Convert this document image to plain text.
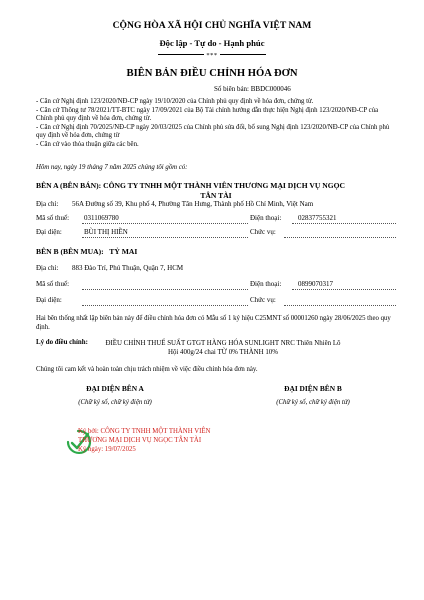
CỘNG HÒA XÃ HỘI CHỦ NGHĨA VIỆT NAM
Độc lập - Tự do - Hạnh phúc
***
BIÊN BẢN ĐIỀU CHỈNH HÓA ĐƠN
Số biên bản: BBDC000046
- Căn cứ Nghị định 123/2020/NĐ-CP ngày 19/10/2020 của Chính phủ quy định về hóa đơn, chứng từ.
- Căn cứ Thông tư 78/2021/TT-BTC ngày 17/09/2021 của Bộ Tài chính hướng dẫn thực hiện Nghị định 123/2020/NĐ-CP của Chính phủ quy định về hóa đơn, chứng từ.
- Căn cứ Nghị định 70/2025/NĐ-CP ngày 20/03/2025 của Chính phủ sửa đổi, bổ sung Nghị định 123/2020/NĐ-CP của Chính phủ quy định về hóa đơn, chứng từ
- Căn cứ vào thỏa thuận giữa các bên.
Hôm nay, ngày 19 tháng 7 năm 2025 chúng tôi gồm có:
BÊN A (BÊN BÁN): CÔNG TY TNHH MỘT THÀNH VIÊN THƯƠNG MẠI DỊCH VỤ NGỌC
TÂN TÀI
Địa chỉ: 56A Đường số 39, Khu phố 4, Phường Tân Hưng, Thành phố Hồ Chí Minh, Việt Nam
Mã số thuế: 0311069780	Điện thoại: 02837755321
Đại diện:	BÙI THỊ HIỀN	Chức vụ:
BÊN B (BÊN MUA): TỶ MAI
Địa chỉ: 883 Đào Trí, Phú Thuận, Quận 7, HCM
Mã số thuế:	Điện thoại: 0899070317
Đại diện:	Chức vụ:
Hai bên thống nhất lập biên bản này để điều chỉnh hóa đơn có Mẫu số 1 ký hiệu C25MNT số 00001260 ngày 28/06/2025 theo quy định.
Lý do điều chỉnh:	ĐIỀU CHỈNH THUẾ SUẤT GTGT HÀNG HÓA SUNLIGHT NRC Thiên Nhiên Lô
Hội 400g/24 chai TỪ 0% THÀNH 10%
Chúng tôi cam kết và hoàn toàn chịu trách nhiệm về việc điều chỉnh hóa đơn này.
ĐẠI DIỆN BÊN A
(Chữ ký số, chữ ký điện tử)
ĐẠI DIỆN BÊN B
(Chữ ký số, chữ ký điện tử)
Ký bởi: CÔNG TY TNHH MỘT THÀNH VIÊN
THƯƠNG MẠI DỊCH VỤ NGỌC TÂN TÀI
Ký ngày: 19/07/2025
